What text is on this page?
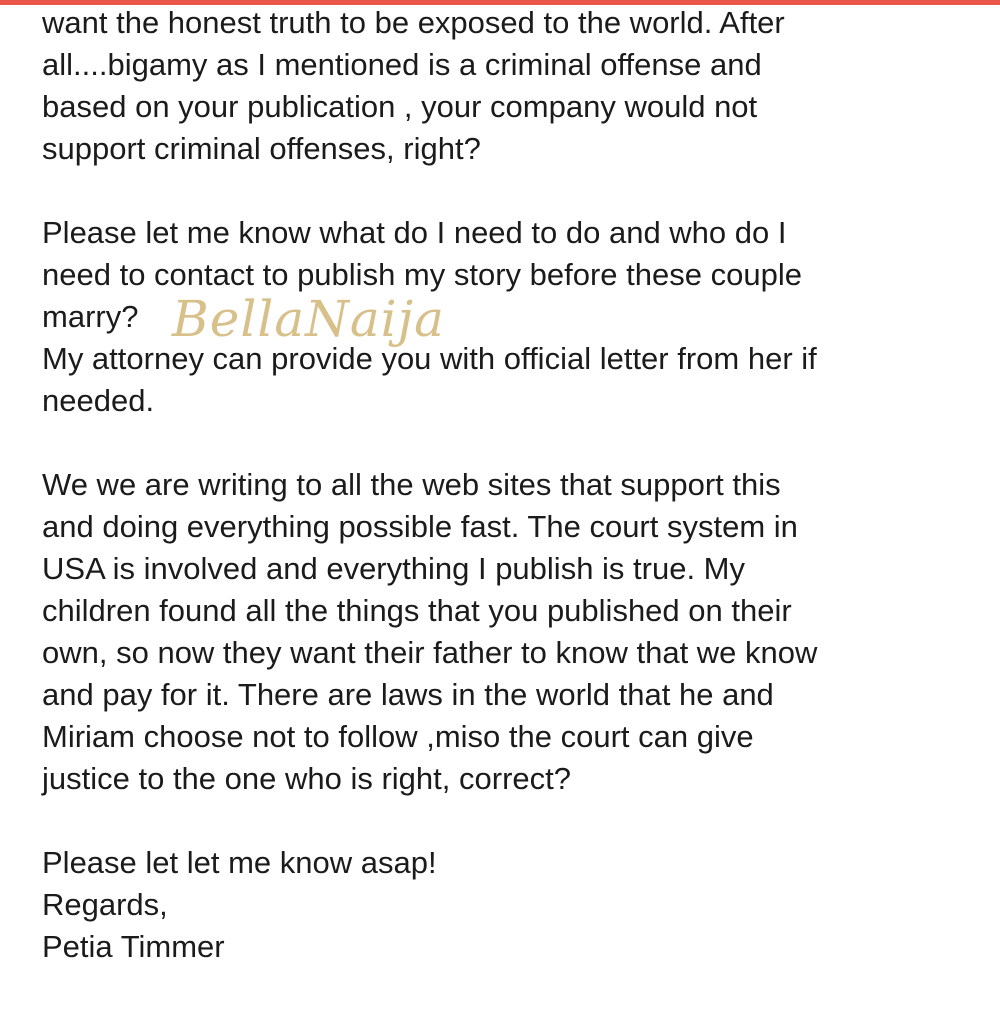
want the honest truth to be exposed to the world. After

all....bigamy as I mentioned is a criminal offense and

based on your publication , your company would not

support criminal offenses, right?

Please let me know what do I need to do and who do I

need to contact to publish my story before these couple

marry?

My attorney can provide you with official letter from her if

needed.

We we are writing to all the web sites that support this

and doing everything possible fast. The court system in

USA is involved and everything I publish is true. My

children found all the things that you published on their

own, so now they want their father to know that we know

and pay for it. There are laws in the world that he and

Miriam choose not to follow ,miso the court can give

justice to the one who is right, correct?

Please let let me know asap!

Regards,

Petia Timmer

BellaNaija
